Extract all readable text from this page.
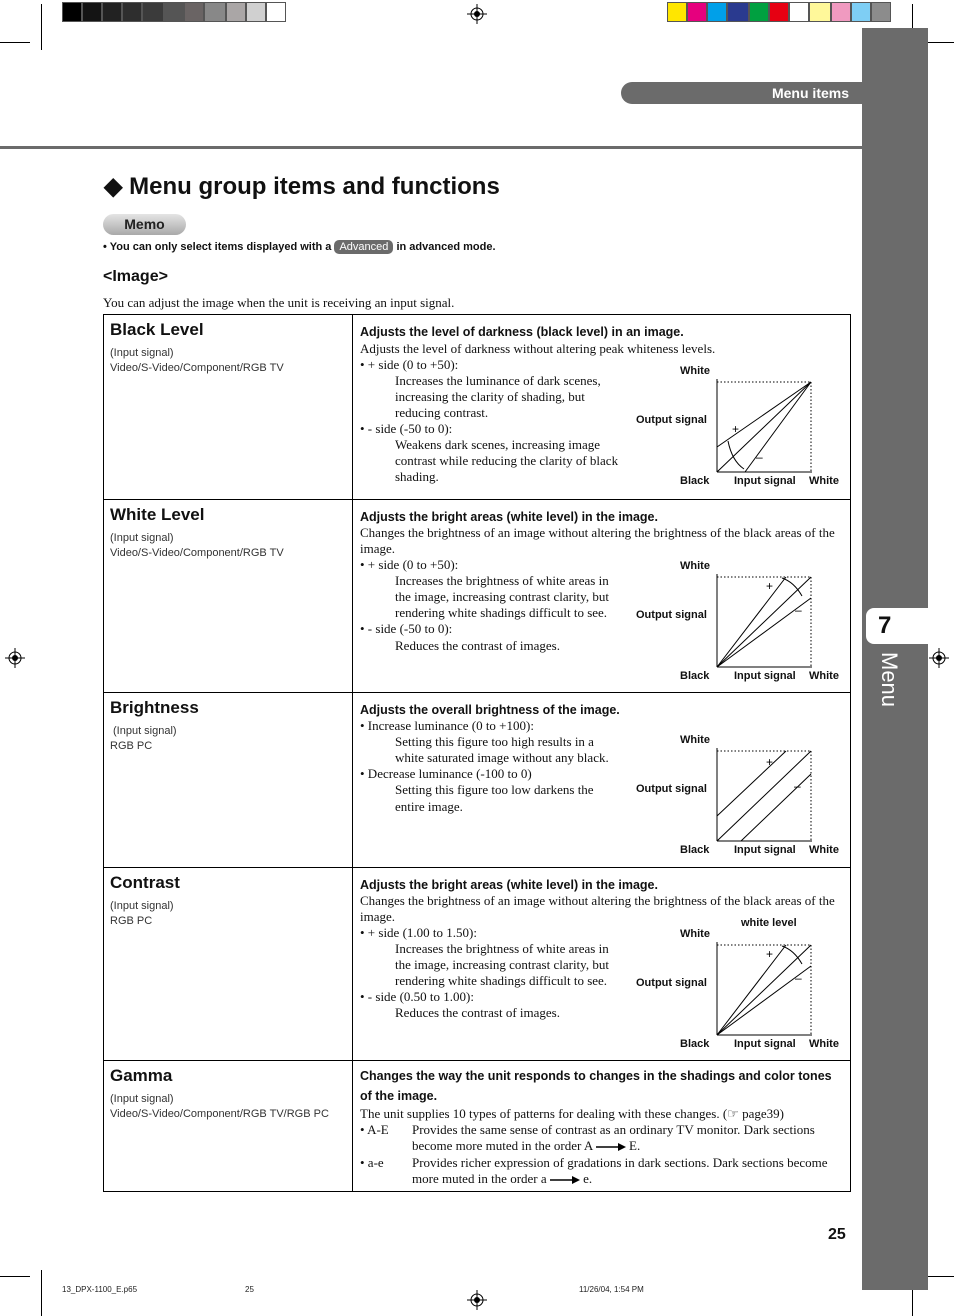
7
Menu
Menu items
◆ Menu group items and functions
Memo
• You can only select items displayed with a Advanced in advanced mode.
<Image>
You can adjust the image when the unit is receiving an input signal.
Black Level
(Input signal)
Video/S-Video/Component/RGB TV
Adjusts the level of darkness (black level) in an image.
Adjusts the level of darkness without altering peak whiteness levels.
• + side (0 to +50):
Increases the luminance of dark scenes,
increasing the clarity of shading, but
reducing contrast.
• - side (-50 to 0):
Weakens dark scenes, increasing image
contrast while reducing the clarity of black
shading.
White
Output signal
Black Input signal White
+
–
White Level
(Input signal)
Video/S-Video/Component/RGB TV
Adjusts the bright areas (white level) in the image.
Changes the brightness of an image without altering the brightness of the black areas of the
image.
• + side (0 to +50):
Increases the brightness of white areas in
the image, increasing contrast clarity, but
rendering white shadings difficult to see.
• - side (-50 to 0):
Reduces the contrast of images.
White
Output signal
Black Input signal White
+
–
Brightness
(Input signal)
RGB PC
Adjusts the overall brightness of the image.
• Increase luminance (0 to +100):
Setting this figure too high results in a
white saturated image without any black.
• Decrease luminance (-100 to 0)
Setting this figure too low darkens the
entire image.
White
Output signal
Black Input signal White
+
–
Contrast
(Input signal)
RGB PC
Adjusts the bright areas (white level) in the image.
Changes the brightness of an image without altering the brightness of the black areas of the
image.
• + side (1.00 to 1.50):
Increases the brightness of white areas in
the image, increasing contrast clarity, but
rendering white shadings difficult to see.
• - side (0.50 to 1.00):
Reduces the contrast of images.
white level
White
Output signal
Black Input signal White
+
–
Gamma
(Input signal)
Video/S-Video/Component/RGB TV/RGB PC
Changes the way the unit responds to changes in the shadings and color tones of the image.
The unit supplies 10 types of patterns for dealing with these changes. (☞ page39)
• A-E Provides the same sense of contrast as an ordinary TV monitor. Dark sections
become more muted in the order A	E.
• a-e Provides richer expression of gradations in dark sections. Dark sections become
more muted in the order a	e.
25
13_DPX-1100_E.p65	25	11/26/04, 1:54 PM
